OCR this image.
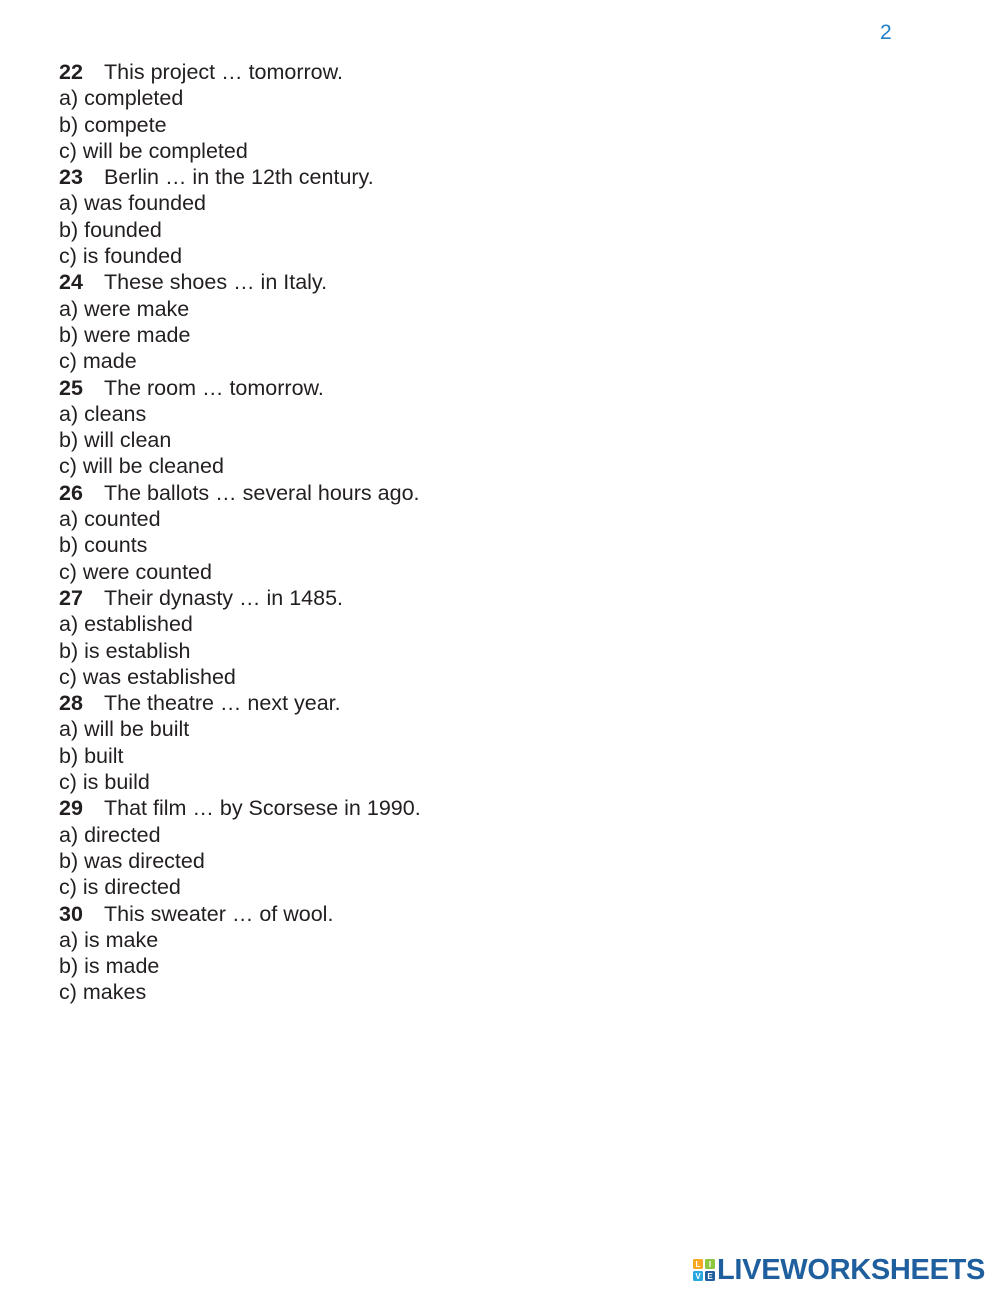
2
22 This project … tomorrow.
a) completed
b) compete
c) will be completed
23 Berlin … in the 12th century.
a) was founded
b) founded
c) is founded
24 These shoes … in Italy.
a) were make
b) were made
c) made
25 The room … tomorrow.
a) cleans
b) will clean
c) will be cleaned
26 The ballots … several hours ago.
a) counted
b) counts
c) were counted
27 Their dynasty … in 1485.
a) established
b) is establish
c) was established
28 The theatre … next year.
a) will be built
b) built
c) is build
29 That film … by Scorsese in 1990.
a) directed
b) was directed
c) is directed
30 This sweater … of wool.
a) is make
b) is made
c) makes
L I
V E LIVEWORKSHEETS
